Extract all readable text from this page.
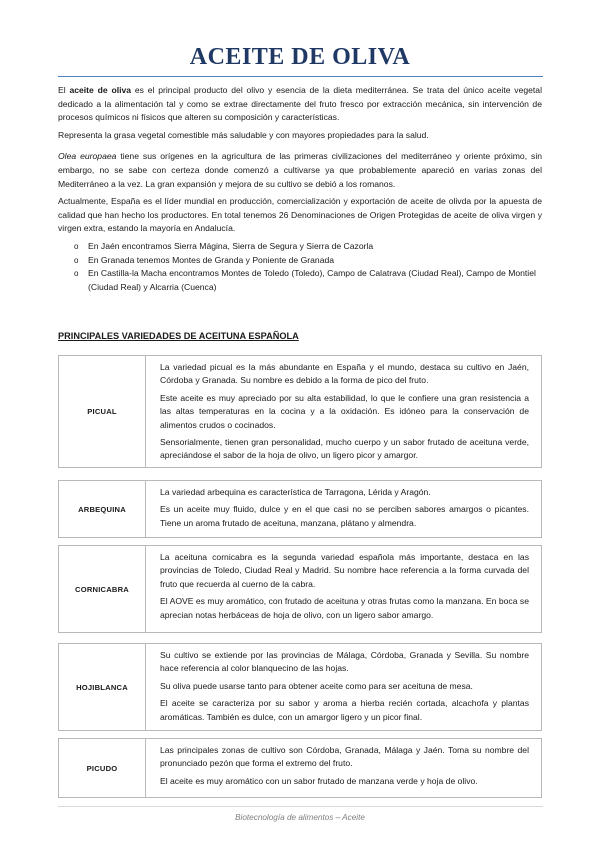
ACEITE DE OLIVA

El aceite de oliva es el principal producto del olivo y esencia de la dieta mediterránea. Se trata del único aceite vegetal dedicado a la alimentación tal y como se extrae directamente del fruto fresco por extracción mecánica, sin intervención de procesos químicos ni físicos que alteren su composición y características.

Representa la grasa vegetal comestible más saludable y con mayores propiedades para la salud.

Olea europaea tiene sus orígenes en la agricultura de las primeras civilizaciones del mediterráneo y oriente próximo, sin embargo, no se sabe con certeza donde comenzó a cultivarse ya que probablemente apareció en varias zonas del Mediterráneo a la vez. La gran expansión y mejora de su cultivo se debió a los romanos.

Actualmente, España es el líder mundial en producción, comercialización y exportación de aceite de olivda por la apuesta de calidad que han hecho los productores. En total tenemos 26 Denominaciones de Origen Protegidas de aceite de oliva virgen y virgen extra, estando la mayoría en Andalucía.

o En Jaén encontramos Sierra Mágina, Sierra de Segura y Sierra de Cazorla
o En Granada tenemos Montes de Granda y Poniente de Granada
o En Castilla-la Macha encontramos Montes de Toledo (Toledo), Campo de Calatrava (Ciudad Real), Campo de Montiel (Ciudad Real) y Alcarria (Cuenca)
PRINCIPALES VARIEDADES DE ACEITUNA ESPAÑOLA
PICUAL

La variedad picual es la más abundante en España y el mundo, destaca su cultivo en Jaén, Córdoba y Granada. Su nombre es debido a la forma de pico del fruto.

Este aceite es muy apreciado por su alta estabilidad, lo que le confiere una gran resistencia a las altas temperaturas en la cocina y a la oxidación. Es idóneo para la conservación de alimentos crudos o cocinados.

Sensorialmente, tienen gran personalidad, mucho cuerpo y un sabor frutado de aceituna verde, apreciándose el sabor de la hoja de olivo, un ligero picor y amargor.

ARBEQUINA

La variedad arbequina es característica de Tarragona, Lérida y Aragón.

Es un aceite muy fluido, dulce y en el que casi no se perciben sabores amargos o picantes. Tiene un aroma frutado de aceituna, manzana, plátano y almendra.

CORNICABRA

La aceituna cornicabra es la segunda variedad española más importante, destaca en las provincias de Toledo, Ciudad Real y Madrid. Su nombre hace referencia a la forma curvada del fruto que recuerda al cuerno de la cabra.

El AOVE es muy aromático, con frutado de aceituna y otras frutas como la manzana. En boca se aprecian notas herbáceas de hoja de olivo, con un ligero sabor amargo.

HOJIBLANCA

Su cultivo se extiende por las provincias de Málaga, Córdoba, Granada y Sevilla. Su nombre hace referencia al color blanquecino de las hojas.

Su oliva puede usarse tanto para obtener aceite como para ser aceituna de mesa.

El aceite se caracteriza por su sabor y aroma a hierba recién cortada, alcachofa y plantas aromáticas. También es dulce, con un amargor ligero y un picor final.

PICUDO

Las principales zonas de cultivo son Córdoba, Granada, Málaga y Jaén. Toma su nombre del pronunciado pezón que forma el extremo del fruto.

El aceite es muy aromático con un sabor frutado de manzana verde y hoja de olivo.

Biotecnología de alimentos – Aceite
